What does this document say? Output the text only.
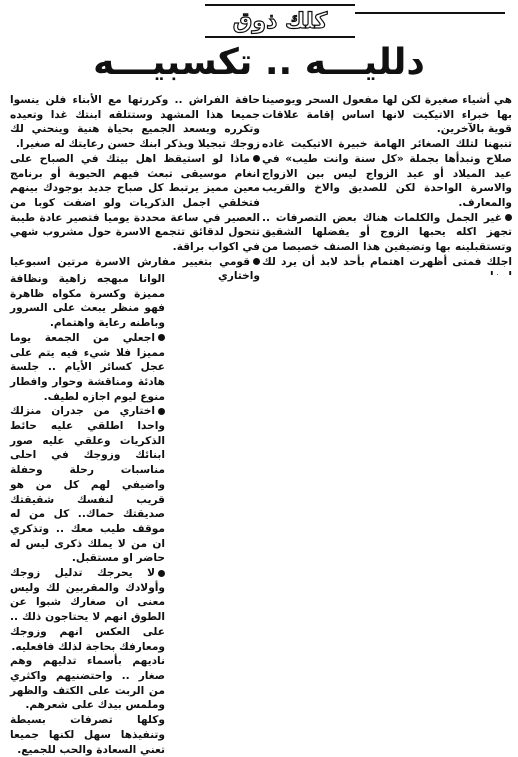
كلك ذوق
دلليـــه .. تكسبيـــه

هي أشياء صغيرة لكن لها مفعول السحر ويوصينا بها خبراء الاتيكيت لانها اساس إقامة علاقات قوية بالآخرين.

تنبهنا لتلك الصغائر الهامة خبيرة الاتيكيت غاده صلاح وتبدأها بجملة «كل سنة وانت طيب» في عيد الميلاد أو عيد الزواج ليس بين الازواج والاسرة الواحدة لكن للصديق والاخ والقريب والمعارف.

غير الجمل والكلمات هناك بعض التصرفات .. تجهز اكله يحبها الزوج أو يفضلها الشقيق وتستقبلينه بها وتضيفين هذا الصنف خصيصا من اجلك فمتى أظهرت اهتمام بأحد لابد أن يرد لك

حافة الفراش .. وكررتها مع الأبناء فلن ينسوا جميعا هذا المشهد وستتلقه ابنتك غدا وتعيده وتكرره ويسعد الجميع بحياة هنية وينحني لك زوجك تبجيلا ويذكر ابنك حسن رعايتك له صغيرا.

ماذا لو استيقظ اهل بيتك في الصباح على انغام موسيقى تبعث فيهم الحيوية أو برنامج معين مميز يرتبط كل صباح جديد بوجودك بينهم فتخلقي اجمل الذكريات ولو اضفت كوبا من العصير في ساعة محددة يوميا فتصير عادة طيبة تتحول لدقائق تتجمع الاسرة حول مشروب شهي في اكواب براقة.

قومي بتغيير مفارش الاسرة مرتين اسبوعيا واختاري

الوانا مبهجه زاهية ونظافة مميزة وكسرة مكواه ظاهرة فهو منظر يبعث على السرور وباطنه رعاية واهتمام.

اجعلي من الجمعة يوما مميزا فلا شيء فيه يتم على عجل كسائر الأيام .. جلسة هادئة ومناقشة وحوار وافطار منوع ليوم اجازه لطيف.

اختاري من جدران منزلك واحدا اطلقي عليه حائط الذكريات وعلقي عليه صور ابنائك وزوجك في احلى مناسبات رحلة وحفلة واضيفي لهم كل من هو قريب لنفسك شقيقتك صديقتك حماك.. كل من له موقف طيب معك .. وتذكري ان من لا يملك ذكرى ليس له حاضر او مستقبل.

لا يحرجك تدليل زوجك وأولادك والمقربين لك وليس معنى ان صغارك شبوا عن الطوق انهم لا يحتاجون ذلك .. على العكس انهم وزوجك ومعارفك بحاجة لذلك فافعليه.

ناديهم بأسماء تدليهم وهم صغار .. واحتضنيهم واكثري من الربت على الكتف والظهر وملمس بيدك على شعرهم.

وكلها تصرفات بسيطة وتنفيذها سهل لكنها جميعا تعني السعادة والحب للجميع.
